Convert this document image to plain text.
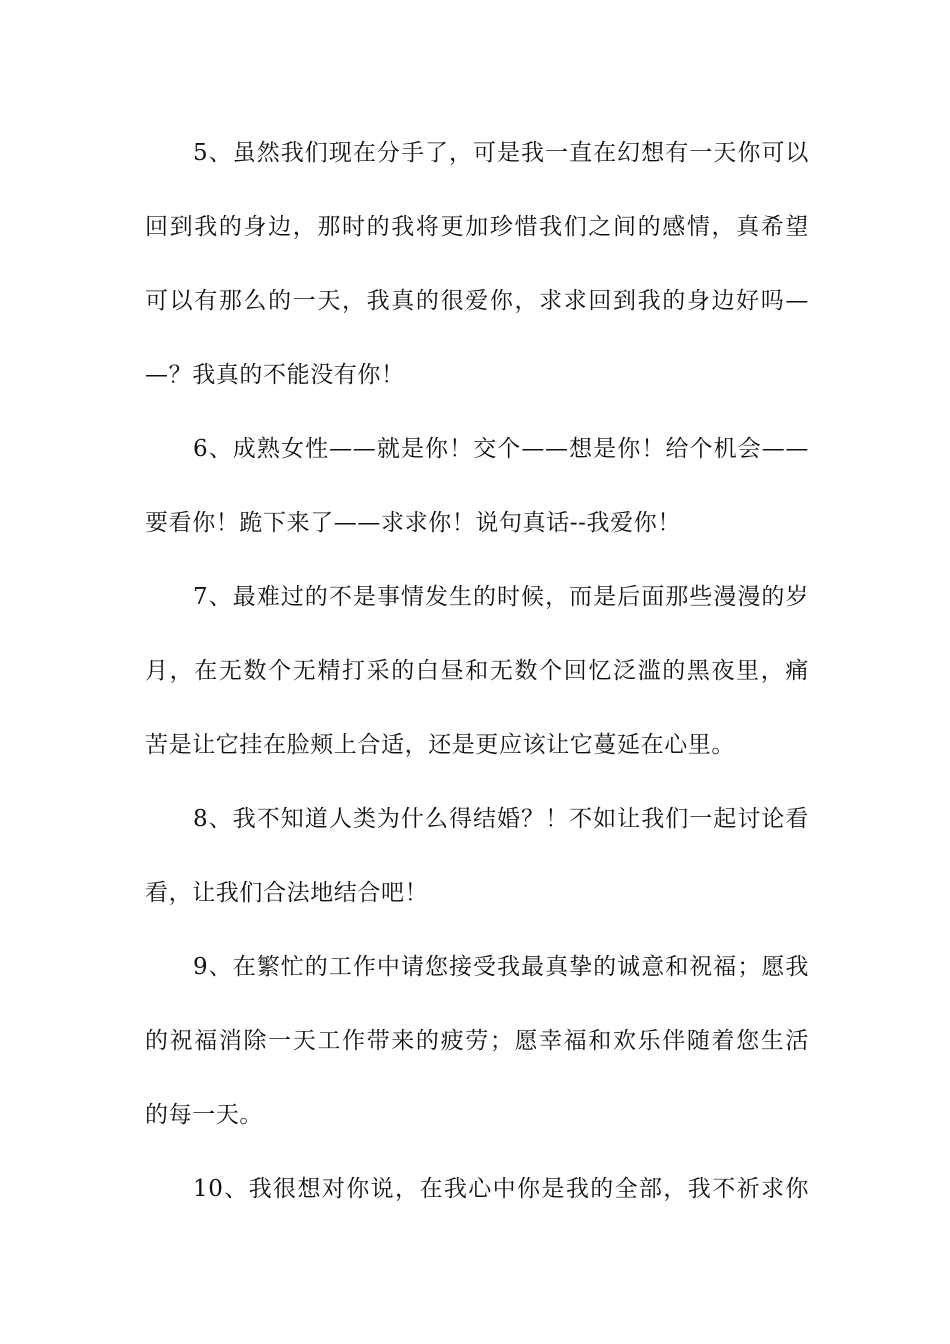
5、虽然我们现在分手了，可是我一直在幻想有一天你可以
回到我的身边，那时的我将更加珍惜我们之间的感情，真希望
可以有那么的一天，我真的很爱你，求求回到我的身边好吗—
—？我真的不能没有你！
6、成熟女性——就是你！交个——想是你！给个机会——
要看你！跪下来了——求求你！说句真话--我爱你！
7、最难过的不是事情发生的时候，而是后面那些漫漫的岁
月，在无数个无精打采的白昼和无数个回忆泛滥的黑夜里，痛
苦是让它挂在脸颊上合适，还是更应该让它蔓延在心里。
8、我不知道人类为什么得结婚？！不如让我们一起讨论看
看，让我们合法地结合吧！
9、在繁忙的工作中请您接受我最真挚的诚意和祝福；愿我
的祝福消除一天工作带来的疲劳；愿幸福和欢乐伴随着您生活
的每一天。
10、我很想对你说，在我心中你是我的全部，我不祈求你
